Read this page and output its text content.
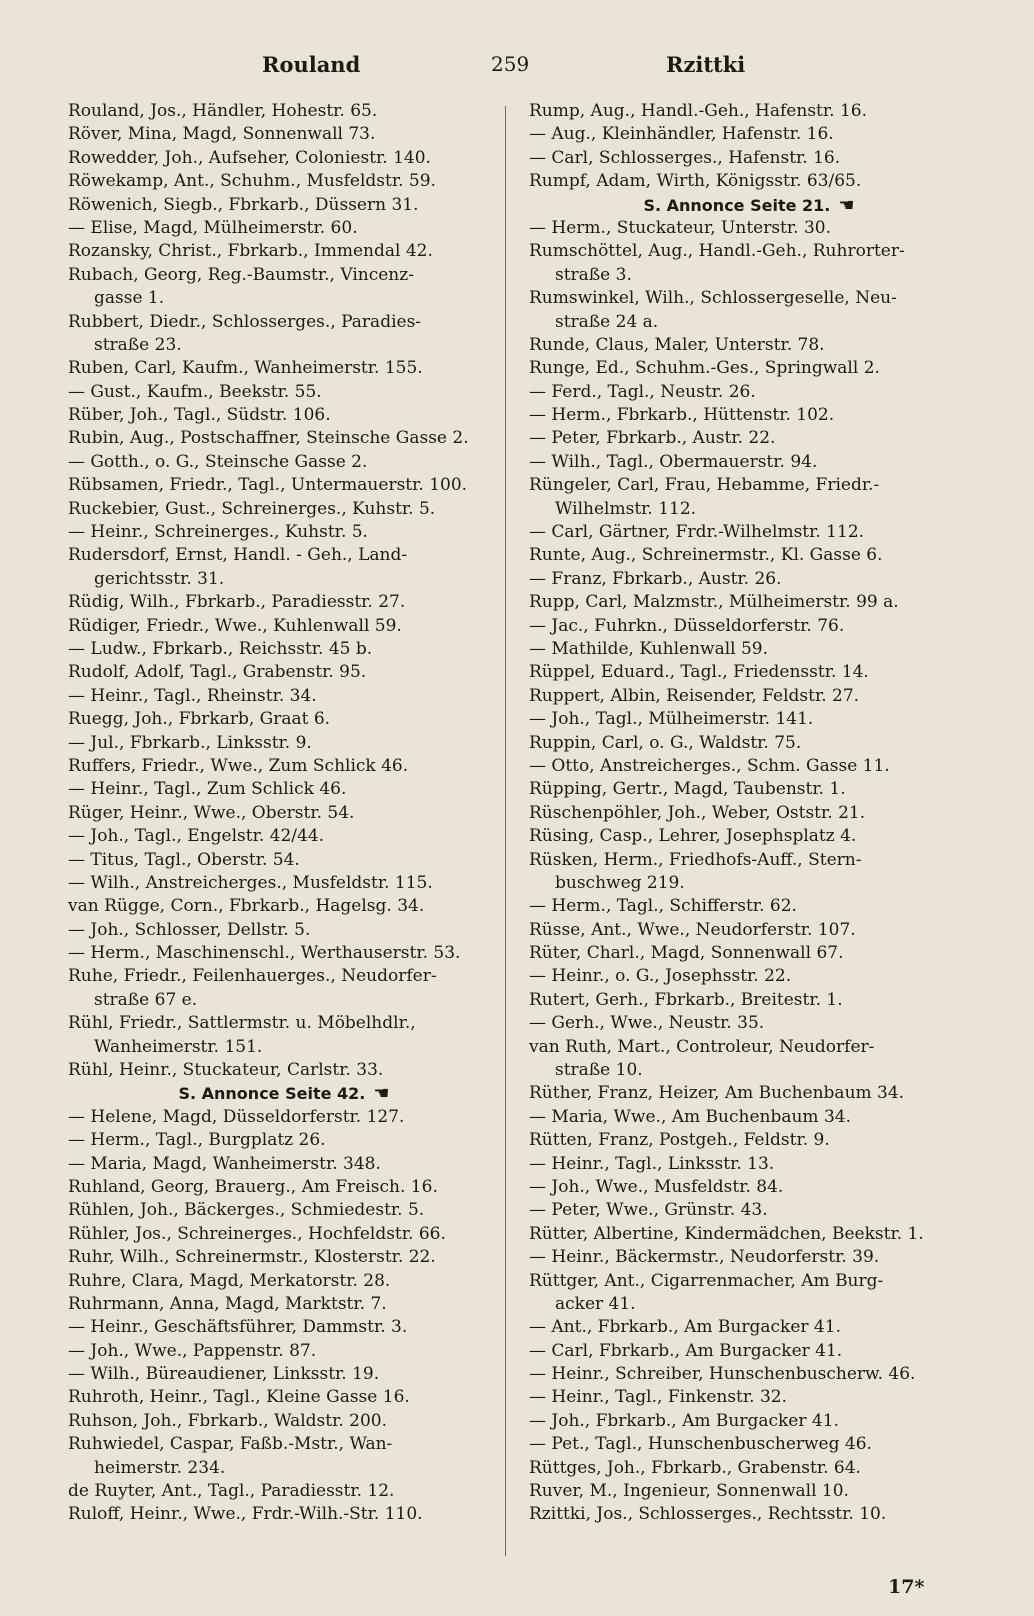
Rouland	259	Rzittki
Rouland, Jos., Händler, Hohestr. 65.
Röver, Mina, Magd, Sonnenwall 73.
Rowedder, Joh., Aufseher, Coloniestr. 140.
Röwekamp, Ant., Schuhm., Musfeldstr. 59.
Röwenich, Siegb., Fbrkarb., Düssern 31.
— Elise, Magd, Mülheimerstr. 60.
Rozansky, Christ., Fbrkarb., Immendal 42.
Rubach, Georg, Reg.-Baumstr., Vincenz-
gasse 1.
Rubbert, Diedr., Schlosserges., Paradies-
straße 23.
Ruben, Carl, Kaufm., Wanheimerstr. 155.
— Gust., Kaufm., Beekstr. 55.
Rüber, Joh., Tagl., Südstr. 106.
Rubin, Aug., Postschaffner, Steinsche Gasse 2.
— Gotth., o. G., Steinsche Gasse 2.
Rübsamen, Friedr., Tagl., Untermauerstr. 100.
Ruckebier, Gust., Schreinerges., Kuhstr. 5.
— Heinr., Schreinerges., Kuhstr. 5.
Rudersdorf, Ernst, Handl. - Geh., Land-
gerichtsstr. 31.
Rüdig, Wilh., Fbrkarb., Paradiesstr. 27.
Rüdiger, Friedr., Wwe., Kuhlenwall 59.
— Ludw., Fbrkarb., Reichsstr. 45 b.
Rudolf, Adolf, Tagl., Grabenstr. 95.
— Heinr., Tagl., Rheinstr. 34.
Ruegg, Joh., Fbrkarb, Graat 6.
— Jul., Fbrkarb., Linksstr. 9.
Ruffers, Friedr., Wwe., Zum Schlick 46.
— Heinr., Tagl., Zum Schlick 46.
Rüger, Heinr., Wwe., Oberstr. 54.
— Joh., Tagl., Engelstr. 42/44.
— Titus, Tagl., Oberstr. 54.
— Wilh., Anstreicherges., Musfeldstr. 115.
van Rügge, Corn., Fbrkarb., Hagelsg. 34.
— Joh., Schlosser, Dellstr. 5.
— Herm., Maschinenschl., Werthauserstr. 53.
Ruhe, Friedr., Feilenhauerges., Neudorfer-
straße 67 e.
Rühl, Friedr., Sattlermstr. u. Möbelhdlr.,
Wanheimerstr. 151.
Rühl, Heinr., Stuckateur, Carlstr. 33.
S. Annonce Seite 42. ☚
— Helene, Magd, Düsseldorferstr. 127.
— Herm., Tagl., Burgplatz 26.
— Maria, Magd, Wanheimerstr. 348.
Ruhland, Georg, Brauerg., Am Freisch. 16.
Rühlen, Joh., Bäckerges., Schmiedestr. 5.
Rühler, Jos., Schreinerges., Hochfeldstr. 66.
Ruhr, Wilh., Schreinermstr., Klosterstr. 22.
Ruhre, Clara, Magd, Merkatorstr. 28.
Ruhrmann, Anna, Magd, Marktstr. 7.
— Heinr., Geschäftsführer, Dammstr. 3.
— Joh., Wwe., Pappenstr. 87.
— Wilh., Büreaudiener, Linksstr. 19.
Ruhroth, Heinr., Tagl., Kleine Gasse 16.
Ruhson, Joh., Fbrkarb., Waldstr. 200.
Ruhwiedel, Caspar, Faßb.-Mstr., Wan-
heimerstr. 234.
de Ruyter, Ant., Tagl., Paradiesstr. 12.
Ruloff, Heinr., Wwe., Frdr.-Wilh.-Str. 110.
Rump, Aug., Handl.-Geh., Hafenstr. 16.
— Aug., Kleinhändler, Hafenstr. 16.
— Carl, Schlosserges., Hafenstr. 16.
Rumpf, Adam, Wirth, Königsstr. 63/65.
S. Annonce Seite 21. ☚
— Herm., Stuckateur, Unterstr. 30.
Rumschöttel, Aug., Handl.-Geh., Ruhrorter-
straße 3.
Rumswinkel, Wilh., Schlossergeselle, Neu-
straße 24 a.
Runde, Claus, Maler, Unterstr. 78.
Runge, Ed., Schuhm.-Ges., Springwall 2.
— Ferd., Tagl., Neustr. 26.
— Herm., Fbrkarb., Hüttenstr. 102.
— Peter, Fbrkarb., Austr. 22.
— Wilh., Tagl., Obermauerstr. 94.
Rüngeler, Carl, Frau, Hebamme, Friedr.-
Wilhelmstr. 112.
— Carl, Gärtner, Frdr.-Wilhelmstr. 112.
Runte, Aug., Schreinermstr., Kl. Gasse 6.
— Franz, Fbrkarb., Austr. 26.
Rupp, Carl, Malzmstr., Mülheimerstr. 99 a.
— Jac., Fuhrkn., Düsseldorferstr. 76.
— Mathilde, Kuhlenwall 59.
Rüppel, Eduard., Tagl., Friedensstr. 14.
Ruppert, Albin, Reisender, Feldstr. 27.
— Joh., Tagl., Mülheimerstr. 141.
Ruppin, Carl, o. G., Waldstr. 75.
— Otto, Anstreicherges., Schm. Gasse 11.
Rüpping, Gertr., Magd, Taubenstr. 1.
Rüschenpöhler, Joh., Weber, Oststr. 21.
Rüsing, Casp., Lehrer, Josephsplatz 4.
Rüsken, Herm., Friedhofs-Auff., Stern-
buschweg 219.
— Herm., Tagl., Schifferstr. 62.
Rüsse, Ant., Wwe., Neudorferstr. 107.
Rüter, Charl., Magd, Sonnenwall 67.
— Heinr., o. G., Josephsstr. 22.
Rutert, Gerh., Fbrkarb., Breitestr. 1.
— Gerh., Wwe., Neustr. 35.
van Ruth, Mart., Controleur, Neudorfer-
straße 10.
Rüther, Franz, Heizer, Am Buchenbaum 34.
— Maria, Wwe., Am Buchenbaum 34.
Rütten, Franz, Postgeh., Feldstr. 9.
— Heinr., Tagl., Linksstr. 13.
— Joh., Wwe., Musfeldstr. 84.
— Peter, Wwe., Grünstr. 43.
Rütter, Albertine, Kindermädchen, Beekstr. 1.
— Heinr., Bäckermstr., Neudorferstr. 39.
Rüttger, Ant., Cigarrenmacher, Am Burg-
acker 41.
— Ant., Fbrkarb., Am Burgacker 41.
— Carl, Fbrkarb., Am Burgacker 41.
— Heinr., Schreiber, Hunschenbuscherw. 46.
— Heinr., Tagl., Finkenstr. 32.
— Joh., Fbrkarb., Am Burgacker 41.
— Pet., Tagl., Hunschenbuscherweg 46.
Rüttges, Joh., Fbrkarb., Grabenstr. 64.
Ruver, M., Ingenieur, Sonnenwall 10.
Rzittki, Jos., Schlosserges., Rechtsstr. 10.
17*
